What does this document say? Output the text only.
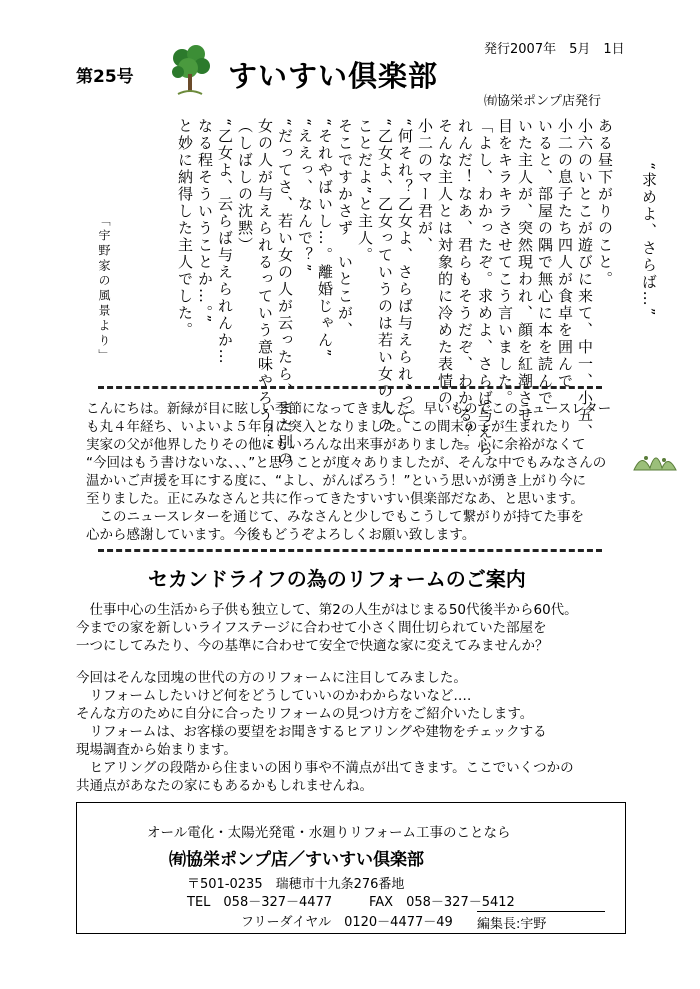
第25号	すいすい倶楽部
発行2007年　5月　1日
㈲協栄ポンプ店発行
“求めよ、さらば…”
ある昼下がりのこと。
小六のいとこが遊びに来て、中一、小五、
小二の息子たち四人が食卓を囲んで
いると、部屋の隅で無心に本を読んで
いた主人が、突然現われ、顔を紅潮させ
目をキラキラさせてこう言いました。
「よし、わかったぞ。求めよ、さらば与えら
れんだ！なあ、君らもそうだぞ、わかる？」
そんな主人とは対象的に冷めた表情の
小二のマー君が、
“何それ？乙女よ、さらば与えられ”って
“乙女よ、乙女っていうのは若い女の人の
ことだよ”と主人。
そこですかさず　いとこが、
“それやばいし…。離婚じゃん”
“ええっ、なんで？”
“だってさ、若い女の人が云ったら、また別の
女の人が与えられるっていう意味やろう？”
（しばしの沈黙）
“乙女よ、云らば与えられんか…
なる程そういうことか…。”
と妙に納得した主人でした。
「宇野家の風景より」
こんにちは。新緑が目に眩しい季節になってきました。早いものでこのニュースレター
も丸４年経ち、いよいよ５年目に突入となりました。この間末の子が生まれたり
実家の父が他界したりその他にもいろんな出来事がありました。心に余裕がなくて
“今回はもう書けないな、、、”と思うことが度々ありましたが、そんな中でもみなさんの
温かいご声援を耳にする度に、“よし、がんばろう！”という思いが湧き上がり今に
至りました。正にみなさんと共に作ってきたすいすい倶楽部だなあ、と思います。
　このニュースレターを通じて、みなさんと少しでもこうして繋がりが持てた事を
心から感謝しています。今後もどうぞよろしくお願い致します。
セカンドライフの為のリフォームのご案内
　仕事中心の生活から子供も独立して、第2の人生がはじまる50代後半から60代。
今までの家を新しいライフステージに合わせて小さく間仕切られていた部屋を
一つにしてみたり、今の基準に合わせて安全で快適な家に変えてみませんか？
今回はそんな団塊の世代の方のリフォームに注目してみました。
　リフォームしたいけど何をどうしていいのかわからないなど‥‥
そんな方のために自分に合ったリフォームの見つけ方をご紹介いたします。
　リフォームは、お客様の要望をお聞きするヒアリングや建物をチェックする
現場調査から始まります。
　ヒアリングの段階から住まいの困り事や不満点が出てきます。ここでいくつかの
共通点があなたの家にもあるかもしれませんね。
オール電化・太陽光発電・水廻りリフォーム工事のことなら
㈲協栄ポンプ店／すいすい倶楽部
〒501-0235　瑞穂市十九条276番地
TEL　058－327－4477	FAX　058－327－5412
フリーダイヤル　0120－4477－49 編集長:宇野
